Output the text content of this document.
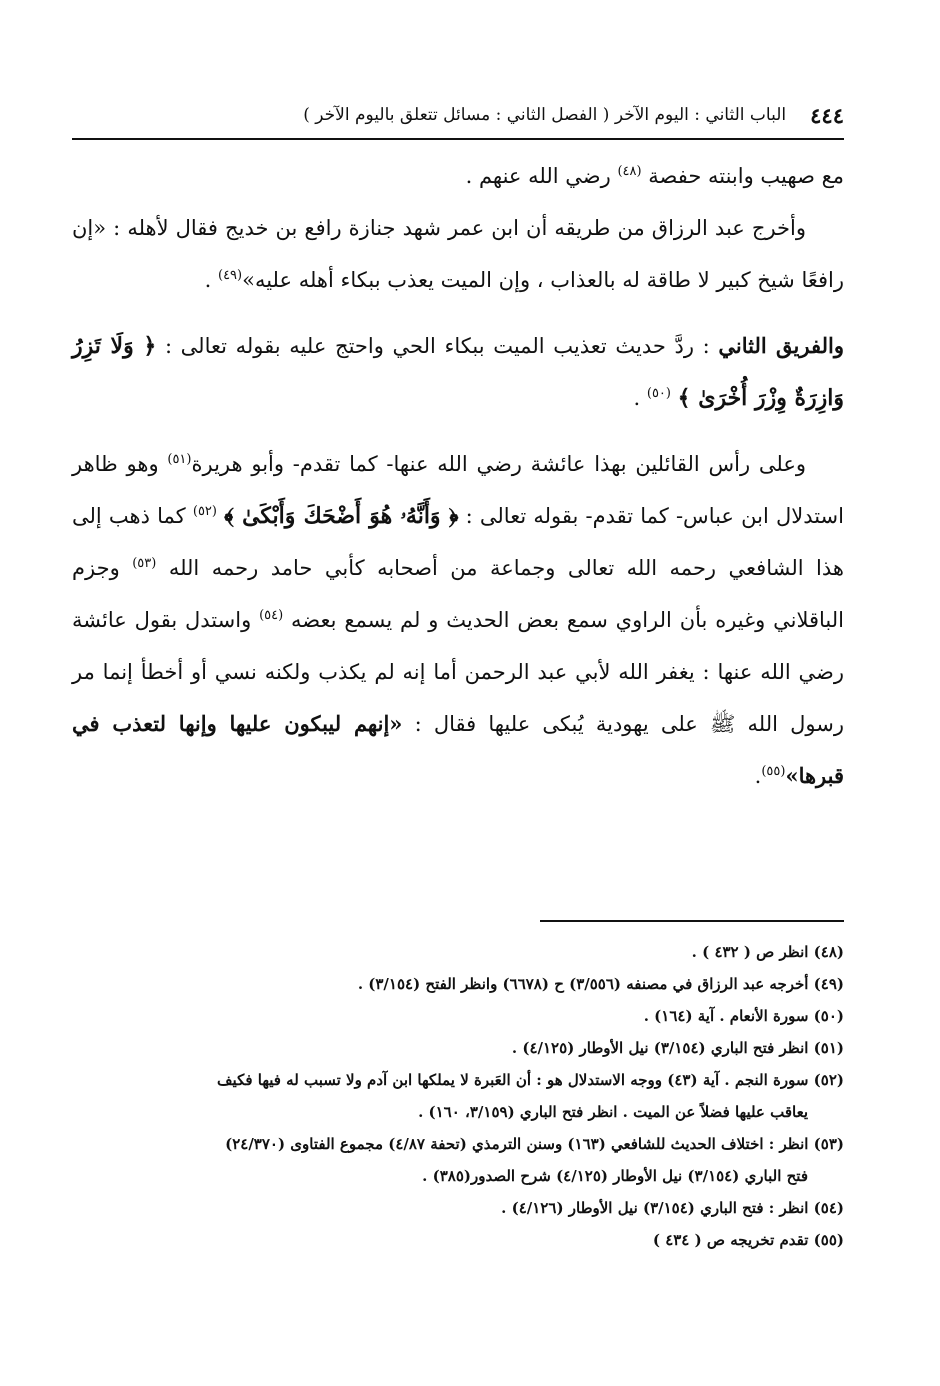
٤٤٤
الباب الثاني : اليوم الآخر ( الفصل الثاني : مسائل تتعلق باليوم الآخر )

مع صهيب وابنته حفصة $^{(٤٨)}$ رضي الله عنهم .

وأخرج عبد الرزاق من طريقه أن ابن عمر شهد جنازة رافع بن خديج فقال لأهله : «إن رافعًا شيخ كبير لا طاقة له بالعذاب ، وإن الميت يعذب ببكاء أهله عليه»$^{(٤٩)}$ .

والفريق الثاني : ردَّ حديث تعذيب الميت ببكاء الحي واحتج عليه بقوله تعالى : ﴿ وَلَا تَزِرُ وَازِرَةٌ وِزْرَ أُخْرَىٰ ﴾ $^{(٥٠)}$ .

وعلى رأس القائلين بهذا عائشة رضي الله عنها- كما تقدم- وأبو هريرة$^{(٥١)}$ وهو ظاهر استدلال ابن عباس- كما تقدم- بقوله تعالى : ﴿ وَأَنَّهُۥ هُوَ أَضْحَكَ وَأَبْكَىٰ ﴾ $^{(٥٢)}$ كما ذهب إلى هذا الشافعي رحمه الله تعالى وجماعة من أصحابه كأبي حامد رحمه الله $^{(٥٣)}$ وجزم الباقلاني وغيره بأن الراوي سمع بعض الحديث و لم يسمع بعضه $^{(٥٤)}$ واستدل بقول عائشة رضي الله عنها : يغفر الله لأبي عبد الرحمن أما إنه لم يكذب ولكنه نسي أو أخطأ إنما مر رسول الله ﷺ على يهودية يُبكى عليها فقال : «إنهم ليبكون عليها وإنها لتعذب في قبرها»$^{(٥٥)}$.

(٤٨) انظر ص ( ٤٣٢ ) .

(٤٩) أخرجه عبد الرزاق في مصنفه (٣/٥٥٦) ح (٦٦٧٨) وانظر الفتح (٣/١٥٤) .

(٥٠) سورة الأنعام . آية (١٦٤) .

(٥١) انظر فتح الباري (٣/١٥٤) نيل الأوطار (٤/١٢٥) .

(٥٢) سورة النجم . آية (٤٣) ووجه الاستدلال هو : أن العَبرة لا يملكها ابن آدم ولا تسبب له فيها فكيف

يعاقب عليها فضلاً عن الميت . انظر فتح الباري (٣/١٥٩، ١٦٠) .

(٥٣) انظر : اختلاف الحديث للشافعي (١٦٣) وسنن الترمذي (تحفة ٤/٨٧) مجموع الفتاوى (٢٤/٣٧٠)

فتح الباري (٣/١٥٤) نيل الأوطار (٤/١٢٥) شرح الصدور(٣٨٥) .

(٥٤) انظر : فتح الباري (٣/١٥٤) نيل الأوطار (٤/١٢٦) .

(٥٥) تقدم تخريجه ص ( ٤٣٤ )
